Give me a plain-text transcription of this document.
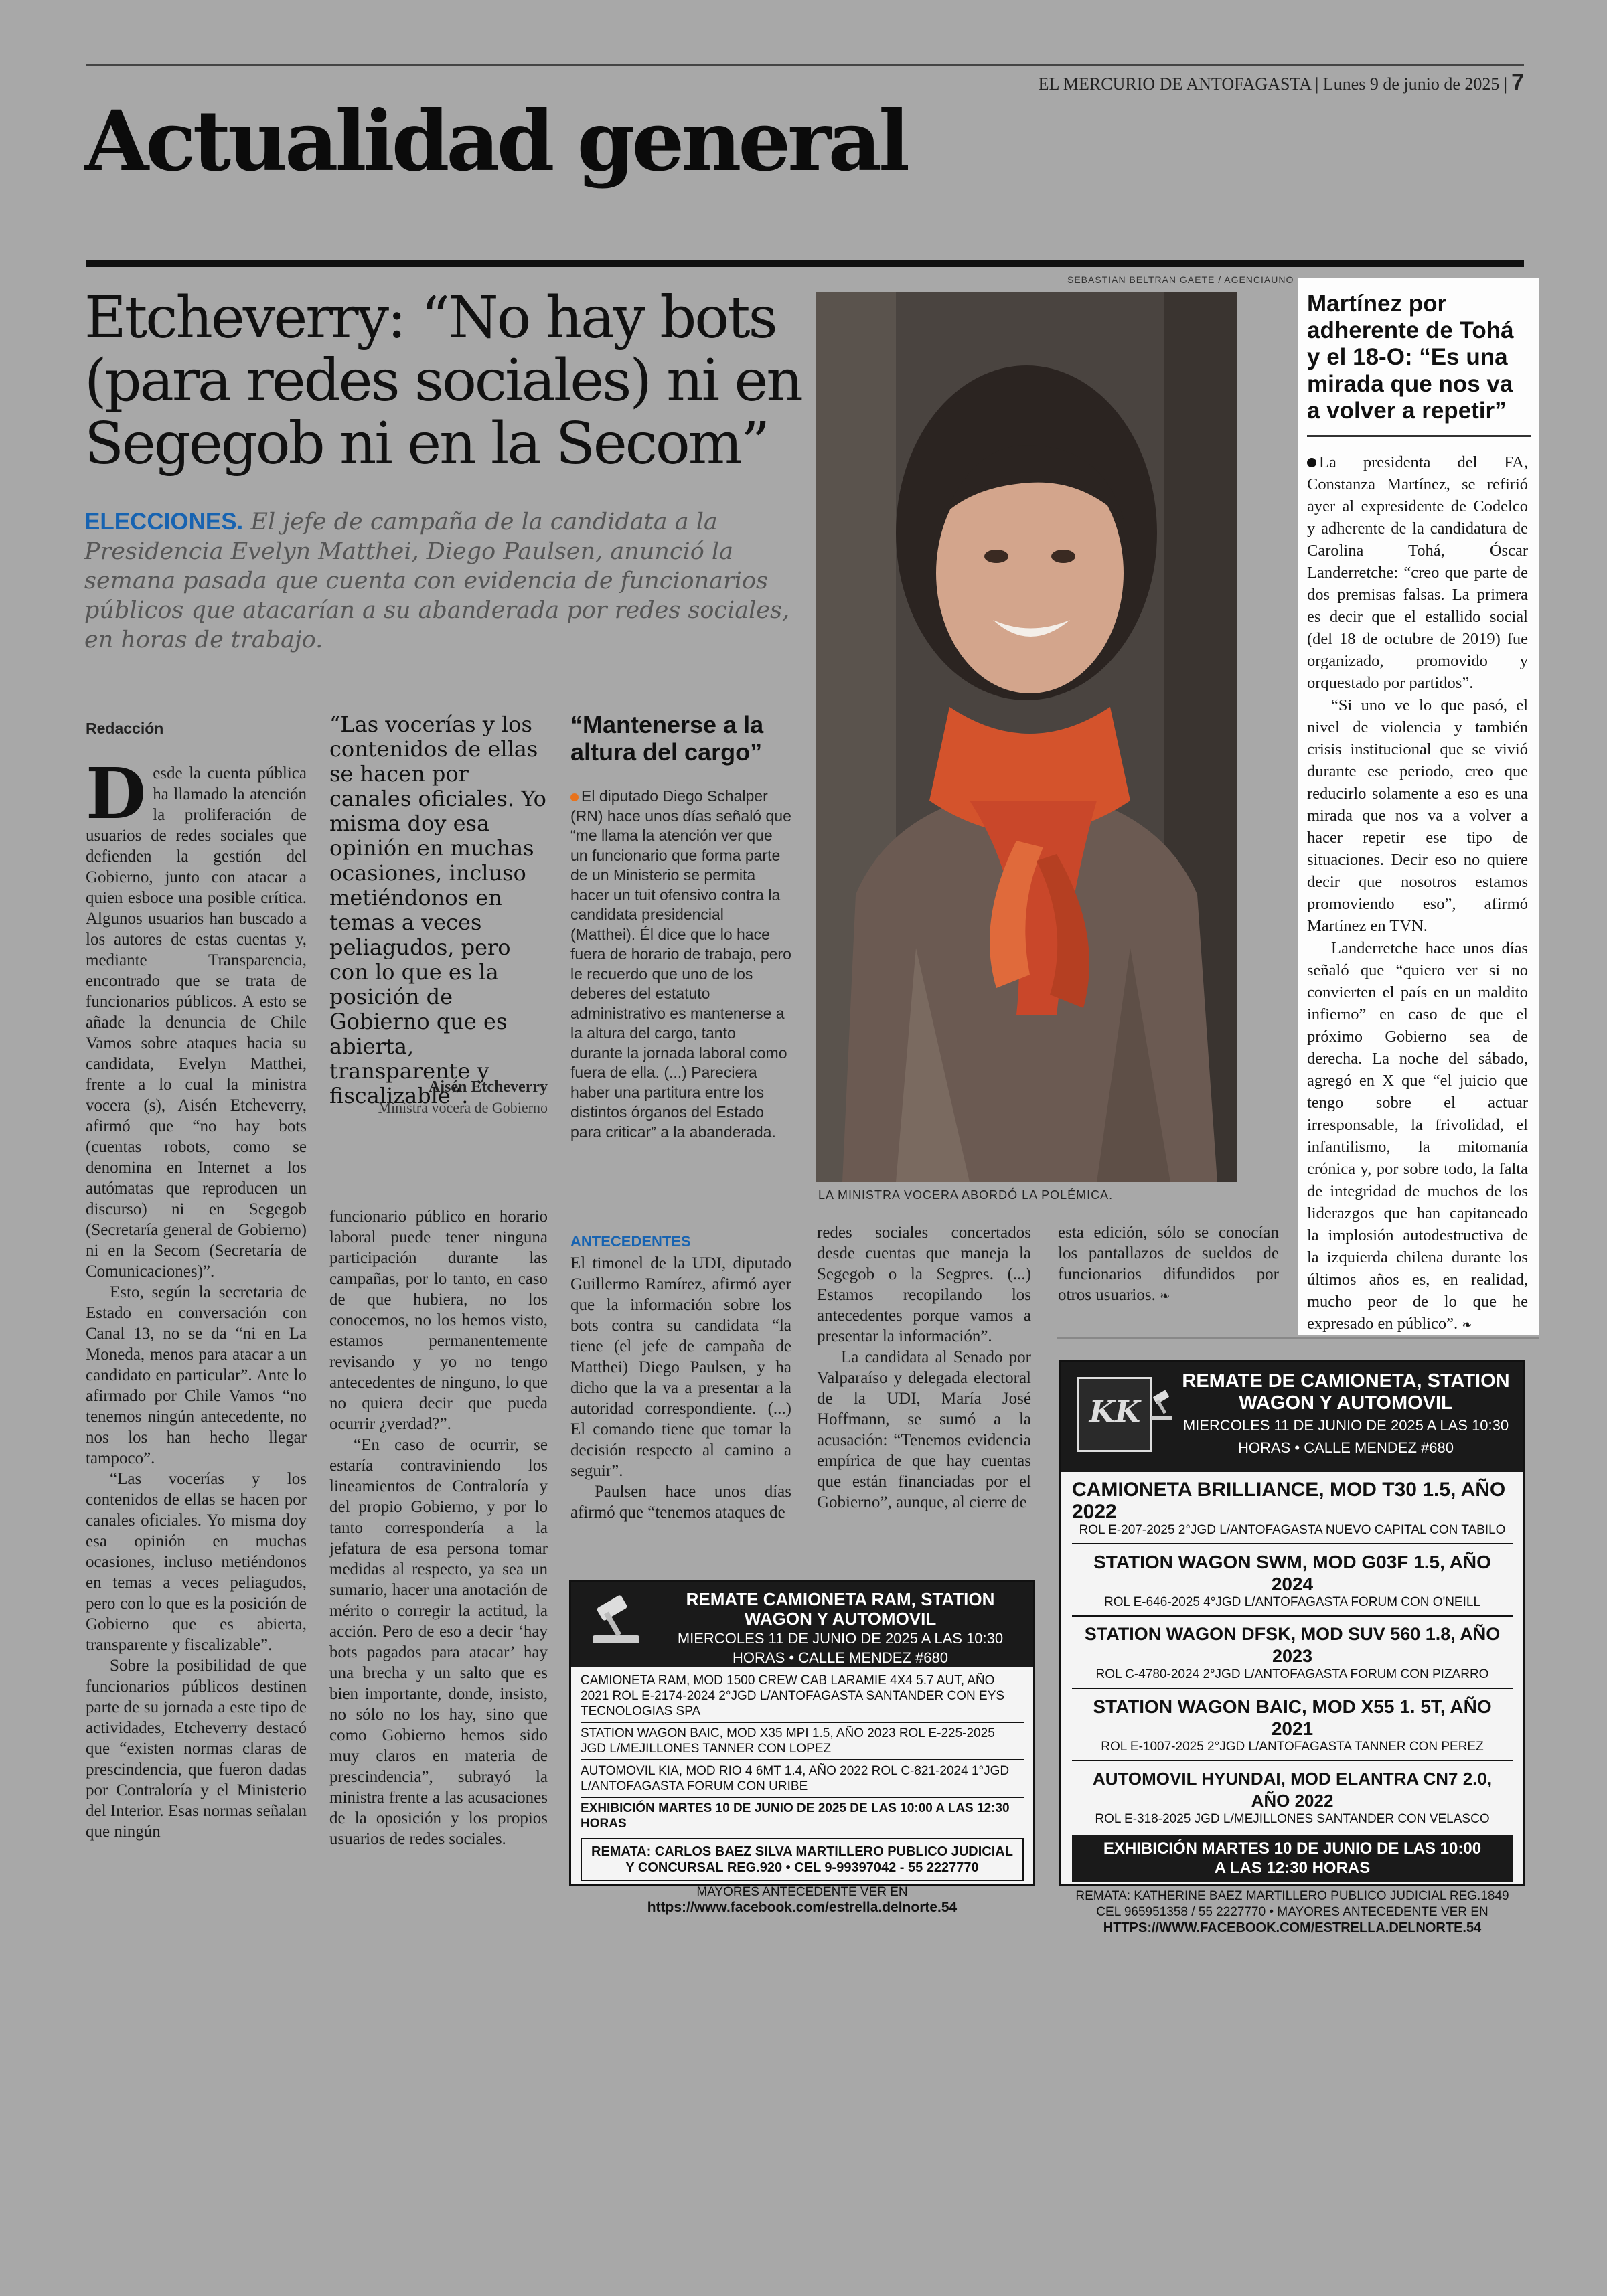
EL MERCURIO DE ANTOFAGASTA | Lunes 9 de junio de 2025 | 7
Actualidad general
SEBASTIAN BELTRAN GAETE / AGENCIAUNO
Etcheverry: “No hay bots (para redes sociales) ni en Segegob ni en la Secom”

ELECCIONES. El jefe de campaña de la candidata a la Presidencia Evelyn Matthei, Diego Paulsen, anunció la semana pasada que cuenta con evidencia de funcionarios públicos que atacarían a su abanderada por redes sociales, en horas de trabajo.

LA MINISTRA VOCERA ABORDÓ LA POLÉMICA.
Redacción

Desde la cuenta pública ha llamado la atención la proliferación de usuarios de redes sociales que defienden la gestión del Gobierno, junto con atacar a quien esboce una posible crítica. Algunos usuarios han buscado a los autores de estas cuentas y, mediante Transparencia, encontrado que se trata de funcionarios públicos. A esto se añade la denuncia de Chile Vamos sobre ataques hacia su candidata, Evelyn Matthei, frente a lo cual la ministra vocera (s), Aisén Etcheverry, afirmó que “no hay bots (cuentas robots, como se denomina en Internet a los autómatas que reproducen un discurso) ni en Segegob (Secretaría general de Gobierno) ni en la Secom (Secretaría de Comunicaciones)”.

Esto, según la secretaria de Estado en conversación con Canal 13, no se da “ni en La Moneda, menos para atacar a un candidato en particular”. Ante lo afirmado por Chile Vamos “no tenemos ningún antecedente, no nos los han hecho llegar tampoco”.

“Las vocerías y los contenidos de ellas se hacen por canales oficiales. Yo misma doy esa opinión en muchas ocasiones, incluso metiéndonos en temas a veces peliagudos, pero con lo que es la posición de Gobierno que es abierta, transparente y fiscalizable”.

Sobre la posibilidad de que funcionarios públicos destinen parte de su jornada a este tipo de actividades, Etcheverry destacó que “existen normas claras de prescindencia, que fueron dadas por Contraloría y el Ministerio del Interior. Esas normas señalan que ningún

“Las vocerías y los contenidos de ellas se hacen por canales oficiales. Yo misma doy esa opinión en muchas ocasiones, incluso metiéndonos en temas a veces peliagudos, pero con lo que es la posición de Gobierno que es abierta, transparente y fiscalizable”.
Aisén Etcheverry
Ministra vocera de Gobierno

funcionario público en horario laboral puede tener ninguna participación durante las campañas, por lo tanto, en caso de que hubiera, no los conocemos, no los hemos visto, estamos permanentemente revisando y yo no tengo antecedentes de ninguno, lo que no quiera decir que pueda ocurrir ¿verdad?”.

“En caso de ocurrir, se estaría contraviniendo los lineamientos de Contraloría y del propio Gobierno, y por lo tanto correspondería a la jefatura de esa persona tomar medidas al respecto, ya sea un sumario, hacer una anotación de mérito o corregir la actitud, la acción. Pero de eso a decir ‘hay bots pagados para atacar’ hay una brecha y un salto que es bien importante, donde, insisto, no sólo no los hay, sino que como Gobierno hemos sido muy claros en materia de prescindencia”, subrayó la ministra frente a las acusaciones de la oposición y los propios usuarios de redes sociales.

“Mantenerse a la altura del cargo”
El diputado Diego Schalper (RN) hace unos días señaló que “me llama la atención ver que un funcionario que forma parte de un Ministerio se permita hacer un tuit ofensivo contra la candidata presidencial (Matthei). Él dice que lo hace fuera de horario de trabajo, pero le recuerdo que uno de los deberes del estatuto administrativo es mantenerse a la altura del cargo, tanto durante la jornada laboral como fuera de ella. (...) Pareciera haber una partitura entre los distintos órganos del Estado para criticar” a la abanderada.
ANTECEDENTES

El timonel de la UDI, diputado Guillermo Ramírez, afirmó ayer que la información sobre los bots contra su candidata “la tiene (el jefe de campaña de Matthei) Diego Paulsen, y ha dicho que la va a presentar a la autoridad correspondiente. (...) El comando tiene que tomar la decisión respecto al camino a seguir”.

Paulsen hace unos días afirmó que “tenemos ataques de

redes sociales concertados desde cuentas que maneja la Segegob o la Segpres. (...) Estamos recopilando los antecedentes porque vamos a presentar la información”.

La candidata al Senado por Valparaíso y delegada electoral de la UDI, María José Hoffmann, se sumó a la acusación: “Tenemos evidencia empírica de que hay cuentas que están financiadas por el Gobierno”, aunque, al cierre de

esta edición, sólo se conocían los pantallazos de sueldos de funcionarios difundidos por otros usuarios. ❧

Martínez por adherente de Tohá y el 18-O: “Es una mirada que nos va a volver a repetir”

La presidenta del FA, Constanza Martínez, se refirió ayer al expresidente de Codelco y adherente de la candidatura de Carolina Tohá, Óscar Landerretche: “creo que parte de dos premisas falsas. La primera es decir que el estallido social (del 18 de octubre de 2019) fue organizado, promovido y orquestado por partidos”.

“Si uno ve lo que pasó, el nivel de violencia y también crisis institucional que se vivió durante ese periodo, creo que reducirlo solamente a eso es una mirada que nos va a volver a hacer repetir ese tipo de situaciones. Decir eso no quiere decir que nosotros estamos promoviendo eso”, afirmó Martínez en TVN.

Landerretche hace unos días señaló que “quiero ver si no convierten el país en un maldito infierno” en caso de que el próximo Gobierno sea de derecha. La noche del sábado, agregó en X que “el juicio que tengo sobre el actuar irresponsable, la frivolidad, el infantilismo, la mitomanía crónica y, por sobre todo, la falta de integridad de muchos de los liderazgos que han capitaneado la implosión autodestructiva de la izquierda chilena durante los últimos años es, en realidad, mucho peor de lo que he expresado en público”. ❧

REMATE CAMIONETA RAM, STATION WAGON Y AUTOMOVIL
MIERCOLES 11 DE JUNIO DE 2025 A LAS 10:30 HORAS • CALLE MENDEZ #680
CAMIONETA RAM, MOD 1500 CREW CAB LARAMIE 4X4 5.7 AUT, AÑO 2021 ROL E-2174-2024 2°JGD L/ANTOFAGASTA SANTANDER CON EYS TECNOLOGIAS SPA
STATION WAGON BAIC, MOD X35 MPI 1.5, AÑO 2023 ROL E-225-2025 JGD L/MEJILLONES TANNER CON LOPEZ
AUTOMOVIL KIA, MOD RIO 4 6MT 1.4, AÑO 2022 ROL C-821-2024 1°JGD L/ANTOFAGASTA FORUM CON URIBE
EXHIBICIÓN MARTES 10 DE JUNIO DE 2025 DE LAS 10:00 A LAS 12:30 HORAS
REMATA: CARLOS BAEZ SILVA MARTILLERO PUBLICO JUDICIAL Y CONCURSAL REG.920 • CEL 9-99397042 - 55 2227770
MAYORES ANTECEDENTE VER EN
https://www.facebook.com/estrella.delnorte.54
KK
REMATE DE CAMIONETA, STATION WAGON Y AUTOMOVIL
MIERCOLES 11 DE JUNIO DE 2025 A LAS 10:30 HORAS • CALLE MENDEZ #680
CAMIONETA BRILLIANCE, MOD T30 1.5, AÑO 2022
ROL E-207-2025 2°JGD L/ANTOFAGASTA NUEVO CAPITAL CON TABILO
STATION WAGON SWM, MOD G03F 1.5, AÑO 2024
ROL E-646-2025 4°JGD L/ANTOFAGASTA FORUM CON O'NEILL
STATION WAGON DFSK, MOD SUV 560 1.8, AÑO 2023
ROL C-4780-2024 2°JGD L/ANTOFAGASTA FORUM CON PIZARRO
STATION WAGON BAIC, MOD X55 1. 5T, AÑO 2021
ROL E-1007-2025 2°JGD L/ANTOFAGASTA TANNER CON PEREZ
AUTOMOVIL HYUNDAI, MOD ELANTRA CN7 2.0, AÑO 2022
ROL E-318-2025 JGD L/MEJILLONES SANTANDER CON VELASCO
EXHIBICIÓN MARTES 10 DE JUNIO DE LAS 10:00 A LAS 12:30 HORAS
REMATA: KATHERINE BAEZ MARTILLERO PUBLICO JUDICIAL REG.1849 CEL 965951358 / 55 2227770 • MAYORES ANTECEDENTE VER EN
HTTPS://WWW.FACEBOOK.COM/ESTRELLA.DELNORTE.54
